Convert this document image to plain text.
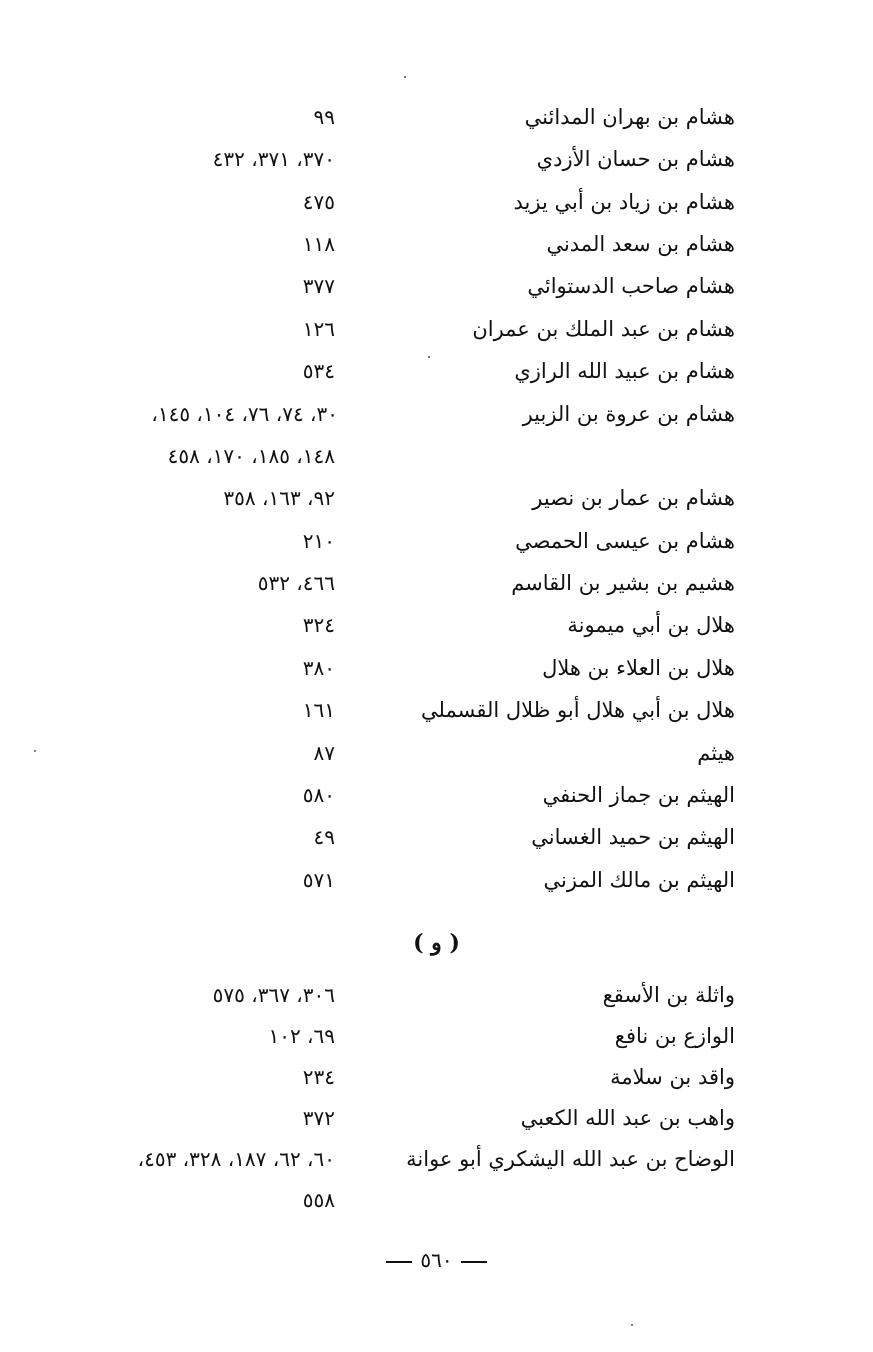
هشام بن بهران المدائني
٩٩
هشام بن حسان الأزدي
٣٧٠، ٣٧١، ٤٣٢
هشام بن زياد بن أبي يزيد
٤٧٥
هشام بن سعد المدني
١١٨
هشام صاحب الدستوائي
٣٧٧
هشام بن عبد الملك بن عمران
١٢٦
هشام بن عبيد الله الرازي
٥٣٤
هشام بن عروة بن الزبير
٣٠، ٧٤، ٧٦، ١٠٤، ١٤٥،
١٤٨، ١٨٥، ١٧٠، ٤٥٨
هشام بن عمار بن نصير
٩٢، ١٦٣، ٣٥٨
هشام بن عيسى الحمصي
٢١٠
هشيم بن بشير بن القاسم
٤٦٦، ٥٣٢
هلال بن أبي ميمونة
٣٢٤
هلال بن العلاء بن هلال
٣٨٠
هلال بن أبي هلال أبو ظلال القسملي
١٦١
هيثم
٨٧
الهيثم بن جماز الحنفي
٥٨٠
الهيثم بن حميد الغساني
٤٩
الهيثم بن مالك المزني
٥٧١
( و )
واثلة بن الأسقع
٣٠٦، ٣٦٧، ٥٧٥
الوازع بن نافع
٦٩، ١٠٢
واقد بن سلامة
٢٣٤
واهب بن عبد الله الكعبي
٣٧٢
الوضاح بن عبد الله اليشكري أبو عوانة
٦٠، ٦٢، ١٨٧، ٣٢٨، ٤٥٣،
٥٥٨
٥٦٠
